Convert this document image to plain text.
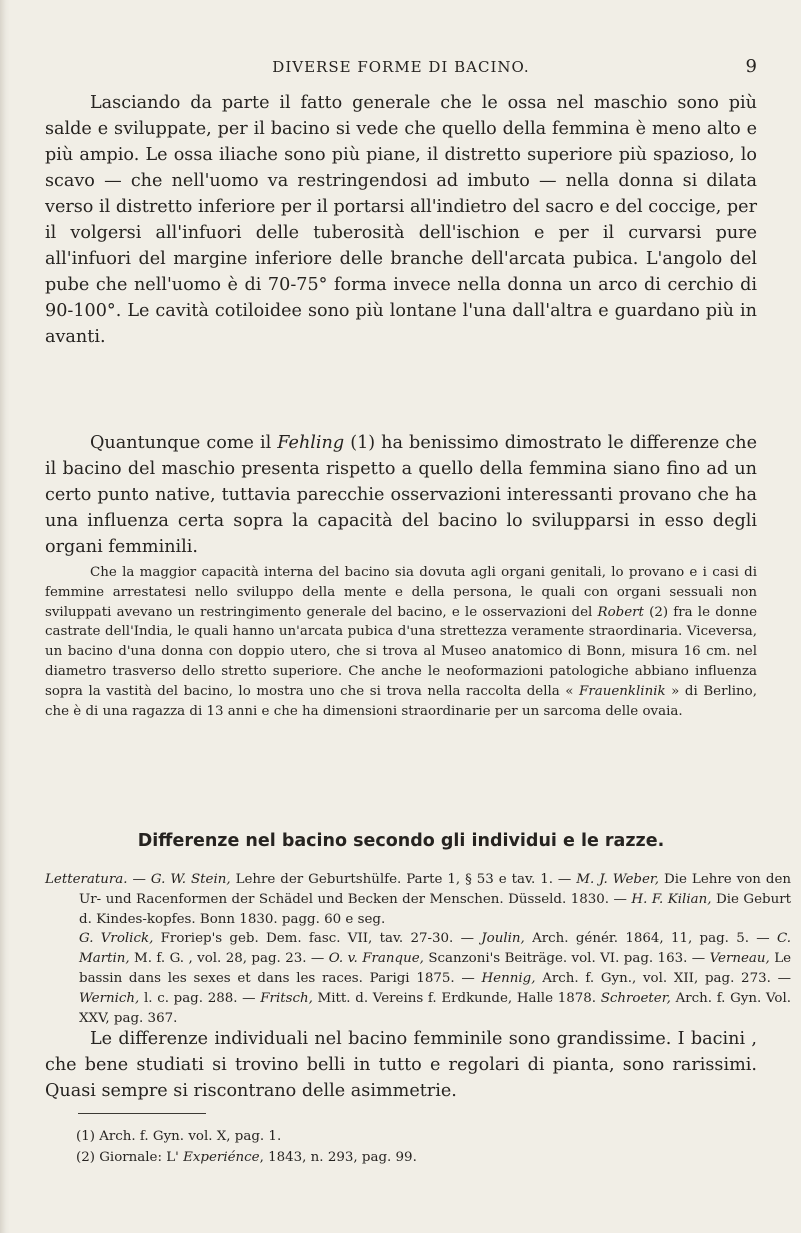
DIVERSE FORME DI BACINO.	9

Lasciando da parte il fatto generale che le ossa nel maschio sono più salde e sviluppate, per il bacino si vede che quello della femmina è meno alto e più ampio. Le ossa iliache sono più piane, il distretto superiore più spazioso, lo scavo — che nell'uomo va restringendosi ad imbuto — nella donna si dilata verso il distretto inferiore per il portarsi all'indietro del sacro e del coccige, per il volgersi all'infuori delle tuberosità dell'ischion e per il curvarsi pure all'infuori del margine inferiore delle branche dell'arcata pubica. L'angolo del pube che nell'uomo è di 70-75° forma invece nella donna un arco di cerchio di 90-100°. Le cavità cotiloidee sono più lontane l'una dall'altra e guardano più in avanti.

Quantunque come il Fehling (1) ha benissimo dimostrato le differenze che il bacino del maschio presenta rispetto a quello della femmina siano fino ad un certo punto native, tuttavia parecchie osservazioni interessanti provano che ha una influenza certa sopra la capacità del bacino lo svilupparsi in esso degli organi femminili.

Che la maggior capacità interna del bacino sia dovuta agli organi genitali, lo provano e i casi di femmine arrestatesi nello sviluppo della mente e della persona, le quali con organi sessuali non sviluppati avevano un restringimento generale del bacino, e le osservazioni del Robert (2) fra le donne castrate dell'India, le quali hanno un'arcata pubica d'una strettezza veramente straordinaria. Viceversa, un bacino d'una donna con doppio utero, che si trova al Museo anatomico di Bonn, misura 16 cm. nel diametro trasverso dello stretto superiore. Che anche le neoformazioni patologiche abbiano influenza sopra la vastità del bacino, lo mostra uno che si trova nella raccolta della « Frauenklinik » di Berlino, che è di una ragazza di 13 anni e che ha dimensioni straordinarie per un sarcoma delle ovaia.

Differenze nel bacino secondo gli individui e le razze.

Letteratura. — G. W. Stein, Lehre der Geburtshülfe. Parte 1, § 53 e tav. 1. — M. J. Weber, Die Lehre von den Ur- und Racenformen der Schädel und Becken der Menschen. Düsseld. 1830. — H. F. Kilian, Die Geburt d. Kindes-kopfes. Bonn 1830. pagg. 60 e seg.
G. Vrolick, Froriep's geb. Dem. fasc. VII, tav. 27-30. — Joulin, Arch. génér. 1864, 11, pag. 5. — C. Martin, M. f. G. , vol. 28, pag. 23. — O. v. Franque, Scanzoni's Beiträge. vol. VI. pag. 163. — Verneau, Le bassin dans les sexes et dans les races. Parigi 1875. — Hennig, Arch. f. Gyn., vol. XII, pag. 273. — Wernich, l. c. pag. 288. — Fritsch, Mitt. d. Vereins f. Erdkunde, Halle 1878. Schroeter, Arch. f. Gyn. Vol. XXV, pag. 367.

Le differenze individuali nel bacino femminile sono grandissime. I bacini , che bene studiati si trovino belli in tutto e regolari di pianta, sono rarissimi. Quasi sempre si riscontrano delle asimmetrie.

(1) Arch. f. Gyn. vol. X, pag. 1.
(2) Giornale: L' Experiénce, 1843, n. 293, pag. 99.
